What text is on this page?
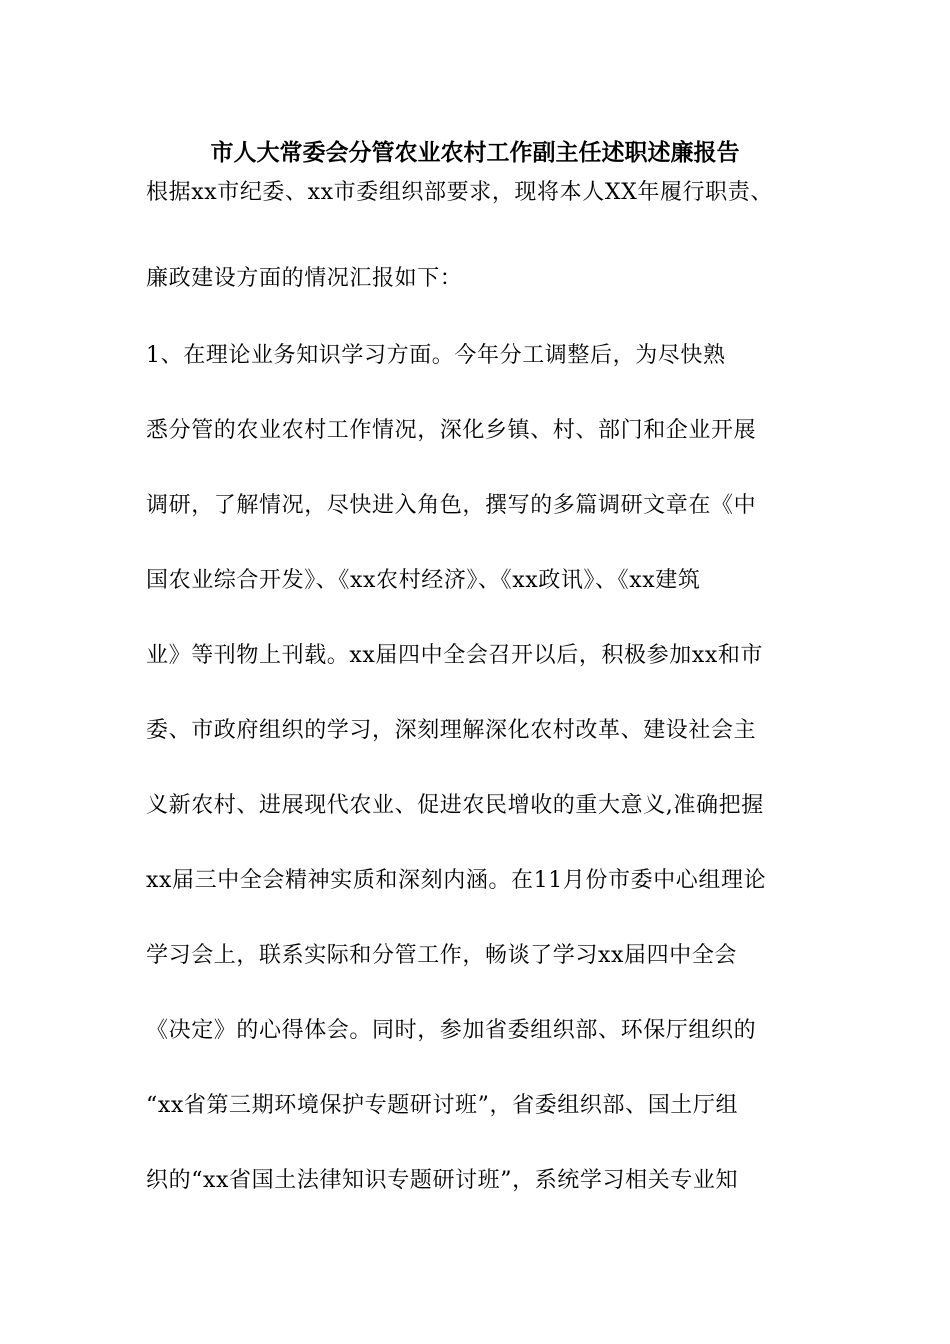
市人大常委会分管农业农村工作副主任述职述廉报告
根据xx市纪委、xx市委组织部要求，现将本人XX年履行职责、
廉政建设方面的情况汇报如下：
1、在理论业务知识学习方面。今年分工调整后，为尽快熟
悉分管的农业农村工作情况，深化乡镇、村、部门和企业开展
调研，了解情况，尽快进入角色，撰写的多篇调研文章在《中
国农业综合开发》、《xx农村经济》、《xx政讯》、《xx建筑
业》等刊物上刊载。xx届四中全会召开以后，积极参加xx和市
委、市政府组织的学习，深刻理解深化农村改革、建设社会主
义新农村、进展现代农业、促进农民增收的重大意义,准确把握
xx届三中全会精神实质和深刻内涵。在11月份市委中心组理论
学习会上，联系实际和分管工作，畅谈了学习xx届四中全会
《决定》的心得体会。同时，参加省委组织部、环保厅组织的
“xx省第三期环境保护专题研讨班”，省委组织部、国土厅组
织的“xx省国土法律知识专题研讨班”，系统学习相关专业知
